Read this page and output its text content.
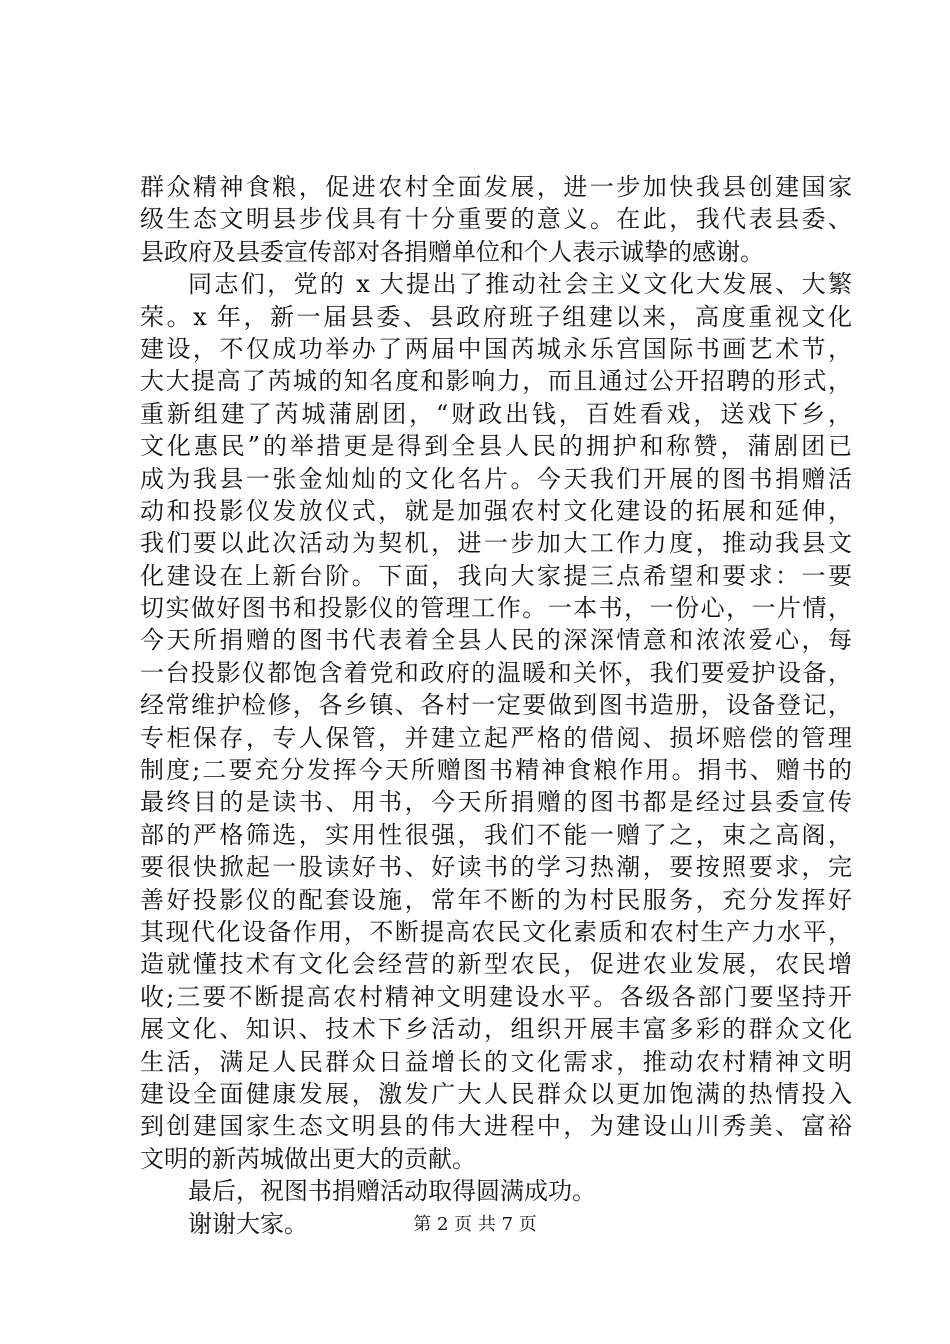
群众精神食粮，促进农村全面发展，进一步加快我县创建国家
级生态文明县步伐具有十分重要的意义。在此，我代表县委、
县政府及县委宣传部对各捐赠单位和个人表示诚挚的感谢。
同志们，党的 x 大提出了推动社会主义文化大发展、大繁
荣。x 年，新一届县委、县政府班子组建以来，高度重视文化
建设，不仅成功举办了两届中国芮城永乐宫国际书画艺术节，
大大提高了芮城的知名度和影响力，而且通过公开招聘的形式，
重新组建了芮城蒲剧团，“财政出钱，百姓看戏，送戏下乡，
文化惠民”的举措更是得到全县人民的拥护和称赞，蒲剧团已
成为我县一张金灿灿的文化名片。今天我们开展的图书捐赠活
动和投影仪发放仪式，就是加强农村文化建设的拓展和延伸，
我们要以此次活动为契机，进一步加大工作力度，推动我县文
化建设在上新台阶。下面，我向大家提三点希望和要求：一要
切实做好图书和投影仪的管理工作。一本书，一份心，一片情，
今天所捐赠的图书代表着全县人民的深深情意和浓浓爱心，每
一台投影仪都饱含着党和政府的温暖和关怀，我们要爱护设备，
经常维护检修，各乡镇、各村一定要做到图书造册，设备登记，
专柜保存，专人保管，并建立起严格的借阅、损坏赔偿的管理
制度;二要充分发挥今天所赠图书精神食粮作用。捐书、赠书的
最终目的是读书、用书，今天所捐赠的图书都是经过县委宣传
部的严格筛选，实用性很强，我们不能一赠了之，束之高阁，
要很快掀起一股读好书、好读书的学习热潮，要按照要求，完
善好投影仪的配套设施，常年不断的为村民服务，充分发挥好
其现代化设备作用，不断提高农民文化素质和农村生产力水平，
造就懂技术有文化会经营的新型农民，促进农业发展，农民增
收;三要不断提高农村精神文明建设水平。各级各部门要坚持开
展文化、知识、技术下乡活动，组织开展丰富多彩的群众文化
生活，满足人民群众日益增长的文化需求，推动农村精神文明
建设全面健康发展，激发广大人民群众以更加饱满的热情投入
到创建国家生态文明县的伟大进程中，为建设山川秀美、富裕
文明的新芮城做出更大的贡献。
最后，祝图书捐赠活动取得圆满成功。
谢谢大家。	第 2 页 共 7 页
